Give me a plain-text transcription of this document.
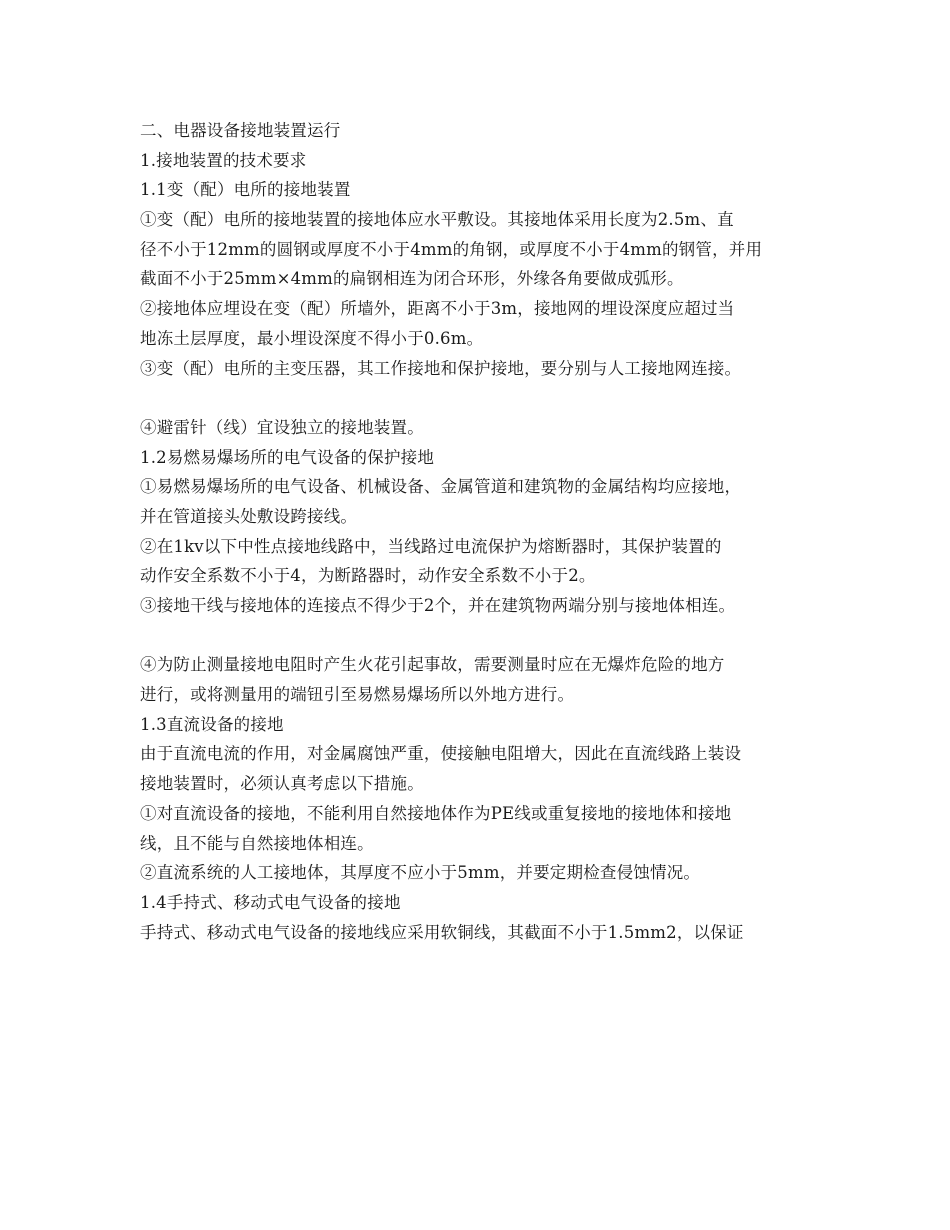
二、电器设备接地装置运行
1.接地装置的技术要求
1.1变（配）电所的接地装置
①变（配）电所的接地装置的接地体应水平敷设。其接地体采用长度为2.5m、直
径不小于12mm的圆钢或厚度不小于4mm的角钢，或厚度不小于4mm的钢管，并用
截面不小于25mm×4mm的扁钢相连为闭合环形，外缘各角要做成弧形。
②接地体应埋设在变（配）所墙外，距离不小于3m，接地网的埋设深度应超过当
地冻土层厚度，最小埋设深度不得小于0.6m。
③变（配）电所的主变压器，其工作接地和保护接地，要分别与人工接地网连接。
④避雷针（线）宜设独立的接地装置。
1.2易燃易爆场所的电气设备的保护接地
①易燃易爆场所的电气设备、机械设备、金属管道和建筑物的金属结构均应接地，
并在管道接头处敷设跨接线。
②在1kv以下中性点接地线路中，当线路过电流保护为熔断器时，其保护装置的
动作安全系数不小于4，为断路器时，动作安全系数不小于2。
③接地干线与接地体的连接点不得少于2个，并在建筑物两端分别与接地体相连。
④为防止测量接地电阻时产生火花引起事故，需要测量时应在无爆炸危险的地方
进行，或将测量用的端钮引至易燃易爆场所以外地方进行。
1.3直流设备的接地
由于直流电流的作用，对金属腐蚀严重，使接触电阻增大，因此在直流线路上装设
接地装置时，必须认真考虑以下措施。
①对直流设备的接地，不能利用自然接地体作为PE线或重复接地的接地体和接地
线，且不能与自然接地体相连。
②直流系统的人工接地体，其厚度不应小于5mm，并要定期检查侵蚀情况。
1.4手持式、移动式电气设备的接地
手持式、移动式电气设备的接地线应采用软铜线，其截面不小于1.5mm2，以保证
